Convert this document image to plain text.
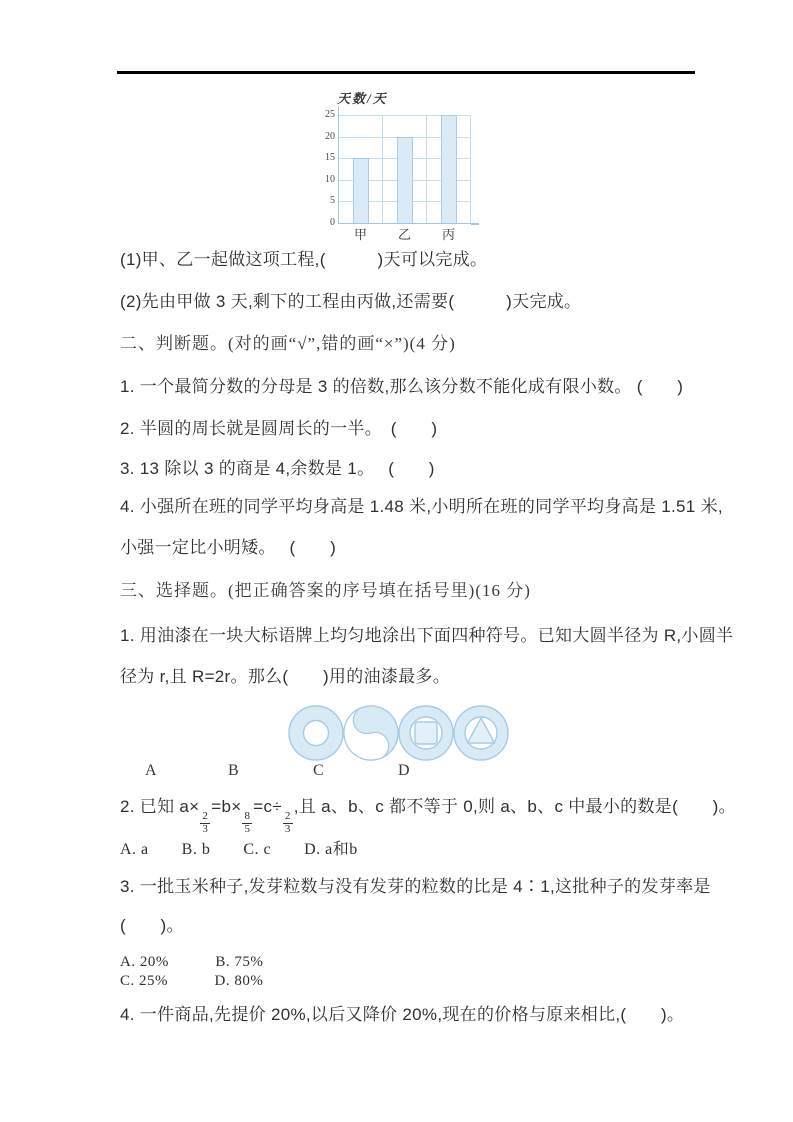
天数/天
0
5
10
15
20
25
甲 乙 丙
(1)甲、乙一起做这项工程,(　　　)天可以完成。
(2)先由甲做 3 天,剩下的工程由丙做,还需要(　　　)天完成。
二、判断题。(对的画“√”,错的画“×”)(4 分)
1. 一个最简分数的分母是 3 的倍数,那么该分数不能化成有限小数。 (　　)
2. 半圆的周长就是圆周长的一半。　(　　)
3. 13 除以 3 的商是 4,余数是 1。　 (　　)
4. 小强所在班的同学平均身高是 1.48 米,小明所在班的同学平均身高是 1.51 米,
小强一定比小明矮。　 (　　)
三、选择题。(把正确答案的序号填在括号里)(16 分)
1. 用油漆在一块大标语牌上均匀地涂出下面四种符号。已知大圆半径为 R,小圆半
径为 r,且 R=2r。那么(　　)用的油漆最多。
A	B	C	D
2. 已知 a×
$\frac{2}{3}$
=b×
$\frac{8}{5}$
=c÷
$\frac{2}{3}$
,且 a、b、c 都不等于 0,则 a、b、c 中最小的数是(　　)。
A. a　　B. b　　C. c　　D. a和b
3. 一批玉米种子,发芽粒数与没有发芽的粒数的比是 4∶1,这批种子的发芽率是
(　　)。
A. 20%　　　B. 75%
C. 25%　　　D. 80%
4. 一件商品,先提价 20%,以后又降价 20%,现在的价格与原来相比,(　　)。
